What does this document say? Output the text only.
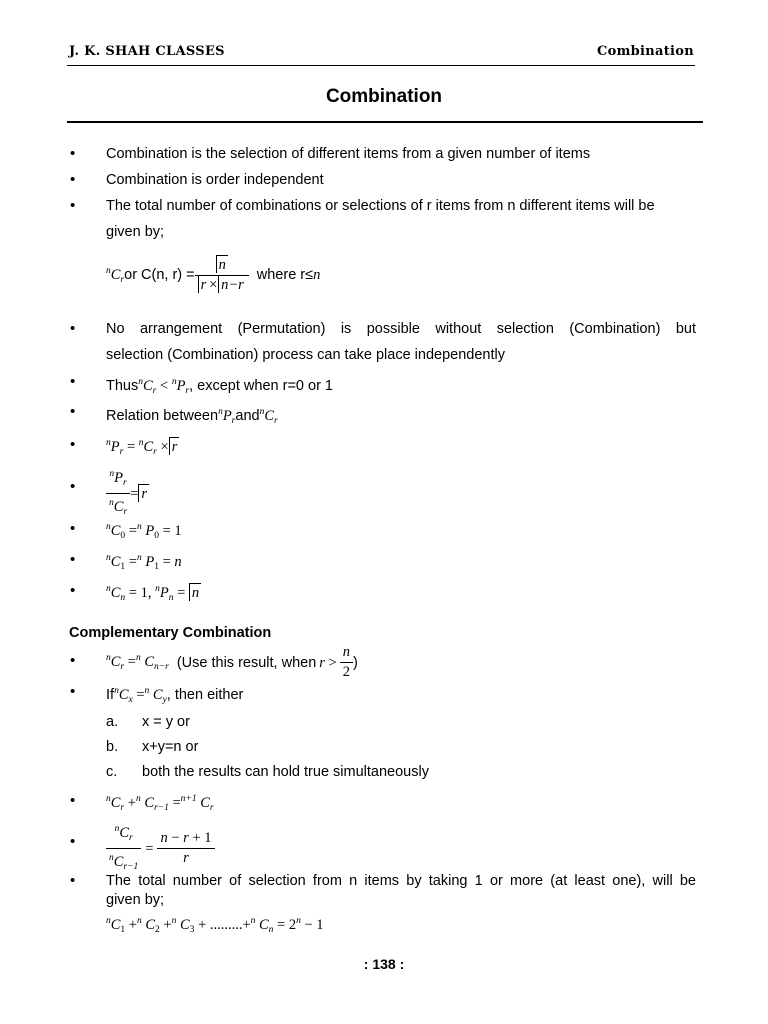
J. K. SHAH CLASSES	Combination
Combination
• Combination is the selection of different items from a given number of items
• Combination is order independent
• The total number of combinations or selections of r items from n different items will be
given by;
$^nC_r$ or C(n, $r) = \frac{n}{r \times n-r}$ where r≤ n
• No arrangement (Permutation) is possible without selection (Combination) but
selection (Combination) process can take place independently
• Thus $^nC_r < ^nP_r$ , except when r=0 or 1
• Relation between $^nP_r$ and $^nC_r$
•	$^nP_r = ^nC_r \times r$
•	$\frac{^nP_r}{^nC_r} = r$
•	$^nC_0 =^n$ $P_0 = 1$
•	$^nC_1 =^n$ $P_1 = n$
•	$^nC_n = 1$, $^nP_n = n$
Complementary Combination
•	$^nC_r =^n$ $C_{n-r}$ (Use this result, when $r > \frac{n}{2}$ )
• If $^nC_x =^n$ $C_y$ , then either
a. x = y or
b. x+y=n or
c. both the results can hold true simultaneously
•	$^nC_r +^n$ $C_{r-1} =^{n+1}$ $C_r$
•	$\frac{^nC_r}{^nC_{r-1}} = \frac{n - r + 1}{r}$
• The total number of selection from n items by taking 1 or more (at least one), will be
given by;
$^nC_1 +^n$ $C_2 +^n$ $C_3 + .........+^n$ $C_n = 2^n - 1$
: 138 :
